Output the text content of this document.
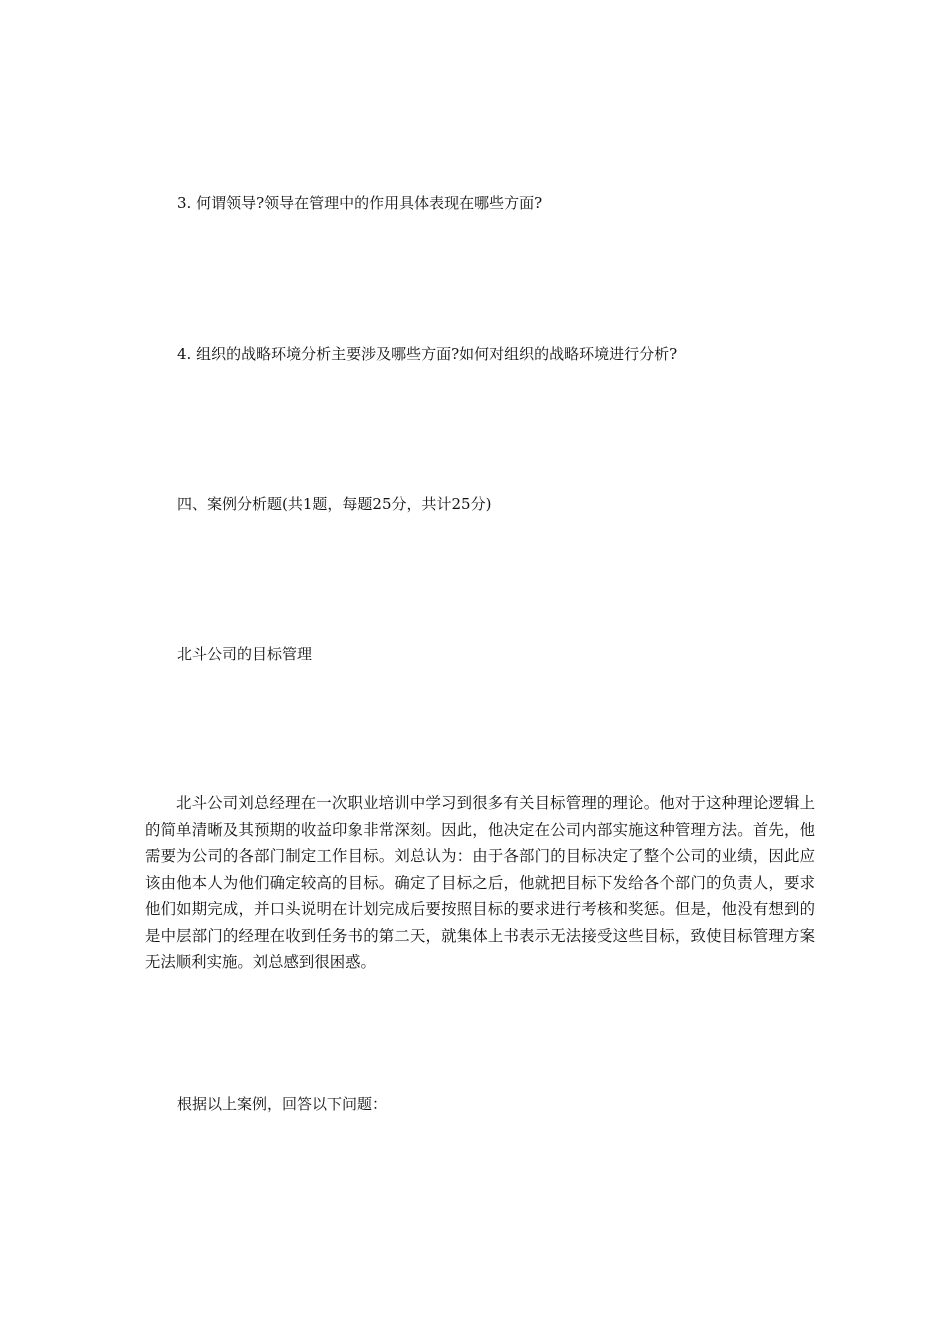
3. 何谓领导?领导在管理中的作用具体表现在哪些方面?
4. 组织的战略环境分析主要涉及哪些方面?如何对组织的战略环境进行分析?
四、案例分析题(共1题，每题25分，共计25分)
北斗公司的目标管理

北斗公司刘总经理在一次职业培训中学习到很多有关目标管理的理论。他对于这种理论逻辑上的简单清晰及其预期的收益印象非常深刻。因此，他决定在公司内部实施这种管理方法。首先，他需要为公司的各部门制定工作目标。刘总认为：由于各部门的目标决定了整个公司的业绩，因此应该由他本人为他们确定较高的目标。确定了目标之后，他就把目标下发给各个部门的负责人，要求他们如期完成，并口头说明在计划完成后要按照目标的要求进行考核和奖惩。但是，他没有想到的是中层部门的经理在收到任务书的第二天，就集体上书表示无法接受这些目标，致使目标管理方案无法顺利实施。刘总感到很困惑。

根据以上案例，回答以下问题：
